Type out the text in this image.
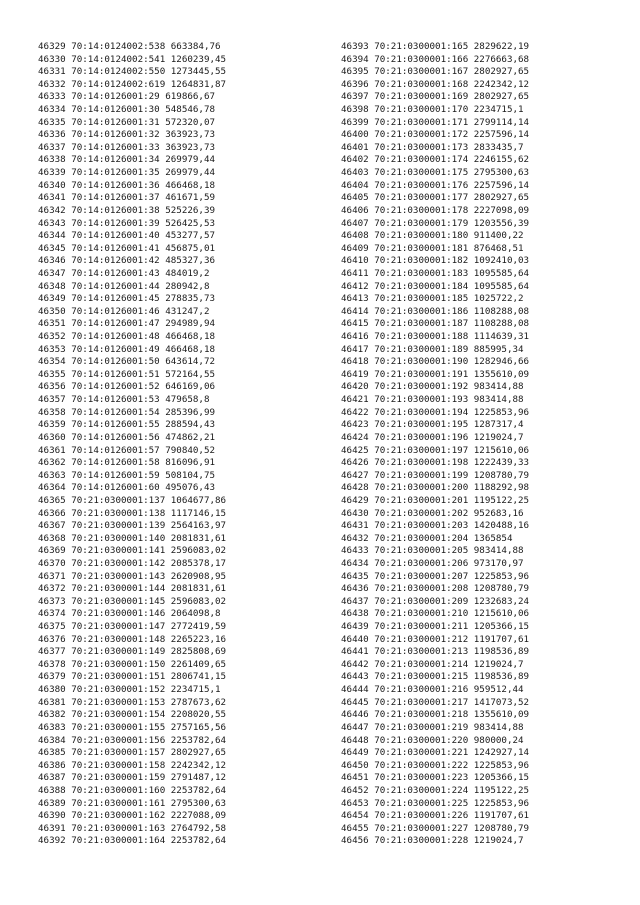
46329 70:14:0124002:538 663384,76
46330 70:14:0124002:541 1260239,45
46331 70:14:0124002:550 1273445,55
46332 70:14:0124002:619 1264831,87
46333 70:14:0126001:29 619866,67
46334 70:14:0126001:30 548546,78
46335 70:14:0126001:31 572320,07
46336 70:14:0126001:32 363923,73
46337 70:14:0126001:33 363923,73
46338 70:14:0126001:34 269979,44
46339 70:14:0126001:35 269979,44
46340 70:14:0126001:36 466468,18
46341 70:14:0126001:37 461671,59
46342 70:14:0126001:38 525226,39
46343 70:14:0126001:39 526425,53
46344 70:14:0126001:40 453277,57
46345 70:14:0126001:41 456875,01
46346 70:14:0126001:42 485327,36
46347 70:14:0126001:43 484019,2
46348 70:14:0126001:44 280942,8
46349 70:14:0126001:45 278835,73
46350 70:14:0126001:46 431247,2
46351 70:14:0126001:47 294989,94
46352 70:14:0126001:48 466468,18
46353 70:14:0126001:49 466468,18
46354 70:14:0126001:50 643614,72
46355 70:14:0126001:51 572164,55
46356 70:14:0126001:52 646169,06
46357 70:14:0126001:53 479658,8
46358 70:14:0126001:54 285396,99
46359 70:14:0126001:55 288594,43
46360 70:14:0126001:56 474862,21
46361 70:14:0126001:57 790840,52
46362 70:14:0126001:58 816096,91
46363 70:14:0126001:59 508104,75
46364 70:14:0126001:60 495076,43
46365 70:21:0300001:137 1064677,86
46366 70:21:0300001:138 1117146,15
46367 70:21:0300001:139 2564163,97
46368 70:21:0300001:140 2081831,61
46369 70:21:0300001:141 2596083,02
46370 70:21:0300001:142 2085378,17
46371 70:21:0300001:143 2620908,95
46372 70:21:0300001:144 2081831,61
46373 70:21:0300001:145 2596083,02
46374 70:21:0300001:146 2064098,8
46375 70:21:0300001:147 2772419,59
46376 70:21:0300001:148 2265223,16
46377 70:21:0300001:149 2825808,69
46378 70:21:0300001:150 2261409,65
46379 70:21:0300001:151 2806741,15
46380 70:21:0300001:152 2234715,1
46381 70:21:0300001:153 2787673,62
46382 70:21:0300001:154 2208020,55
46383 70:21:0300001:155 2757165,56
46384 70:21:0300001:156 2253782,64
46385 70:21:0300001:157 2802927,65
46386 70:21:0300001:158 2242342,12
46387 70:21:0300001:159 2791487,12
46388 70:21:0300001:160 2253782,64
46389 70:21:0300001:161 2795300,63
46390 70:21:0300001:162 2227088,09
46391 70:21:0300001:163 2764792,58
46392 70:21:0300001:164 2253782,64
46393 70:21:0300001:165 2829622,19
46394 70:21:0300001:166 2276663,68
46395 70:21:0300001:167 2802927,65
46396 70:21:0300001:168 2242342,12
46397 70:21:0300001:169 2802927,65
46398 70:21:0300001:170 2234715,1
46399 70:21:0300001:171 2799114,14
46400 70:21:0300001:172 2257596,14
46401 70:21:0300001:173 2833435,7
46402 70:21:0300001:174 2246155,62
46403 70:21:0300001:175 2795300,63
46404 70:21:0300001:176 2257596,14
46405 70:21:0300001:177 2802927,65
46406 70:21:0300001:178 2227098,09
46407 70:21:0300001:179 1203556,39
46408 70:21:0300001:180 911400,22
46409 70:21:0300001:181 876468,51
46410 70:21:0300001:182 1092410,03
46411 70:21:0300001:183 1095585,64
46412 70:21:0300001:184 1095585,64
46413 70:21:0300001:185 1025722,2
46414 70:21:0300001:186 1108288,08
46415 70:21:0300001:187 1108288,08
46416 70:21:0300001:188 1114639,31
46417 70:21:0300001:189 885995,34
46418 70:21:0300001:190 1282946,66
46419 70:21:0300001:191 1355610,09
46420 70:21:0300001:192 983414,88
46421 70:21:0300001:193 983414,88
46422 70:21:0300001:194 1225853,96
46423 70:21:0300001:195 1287317,4
46424 70:21:0300001:196 1219024,7
46425 70:21:0300001:197 1215610,06
46426 70:21:0300001:198 1222439,33
46427 70:21:0300001:199 1208780,79
46428 70:21:0300001:200 1188292,98
46429 70:21:0300001:201 1195122,25
46430 70:21:0300001:202 952683,16
46431 70:21:0300001:203 1420488,16
46432 70:21:0300001:204 1365854
46433 70:21:0300001:205 983414,88
46434 70:21:0300001:206 973170,97
46435 70:21:0300001:207 1225853,96
46436 70:21:0300001:208 1208780,79
46437 70:21:0300001:209 1232683,24
46438 70:21:0300001:210 1215610,06
46439 70:21:0300001:211 1205366,15
46440 70:21:0300001:212 1191707,61
46441 70:21:0300001:213 1198536,89
46442 70:21:0300001:214 1219024,7
46443 70:21:0300001:215 1198536,89
46444 70:21:0300001:216 959512,44
46445 70:21:0300001:217 1417073,52
46446 70:21:0300001:218 1355610,09
46447 70:21:0300001:219 983414,88
46448 70:21:0300001:220 980000,24
46449 70:21:0300001:221 1242927,14
46450 70:21:0300001:222 1225853,96
46451 70:21:0300001:223 1205366,15
46452 70:21:0300001:224 1195122,25
46453 70:21:0300001:225 1225853,96
46454 70:21:0300001:226 1191707,61
46455 70:21:0300001:227 1208780,79
46456 70:21:0300001:228 1219024,7
